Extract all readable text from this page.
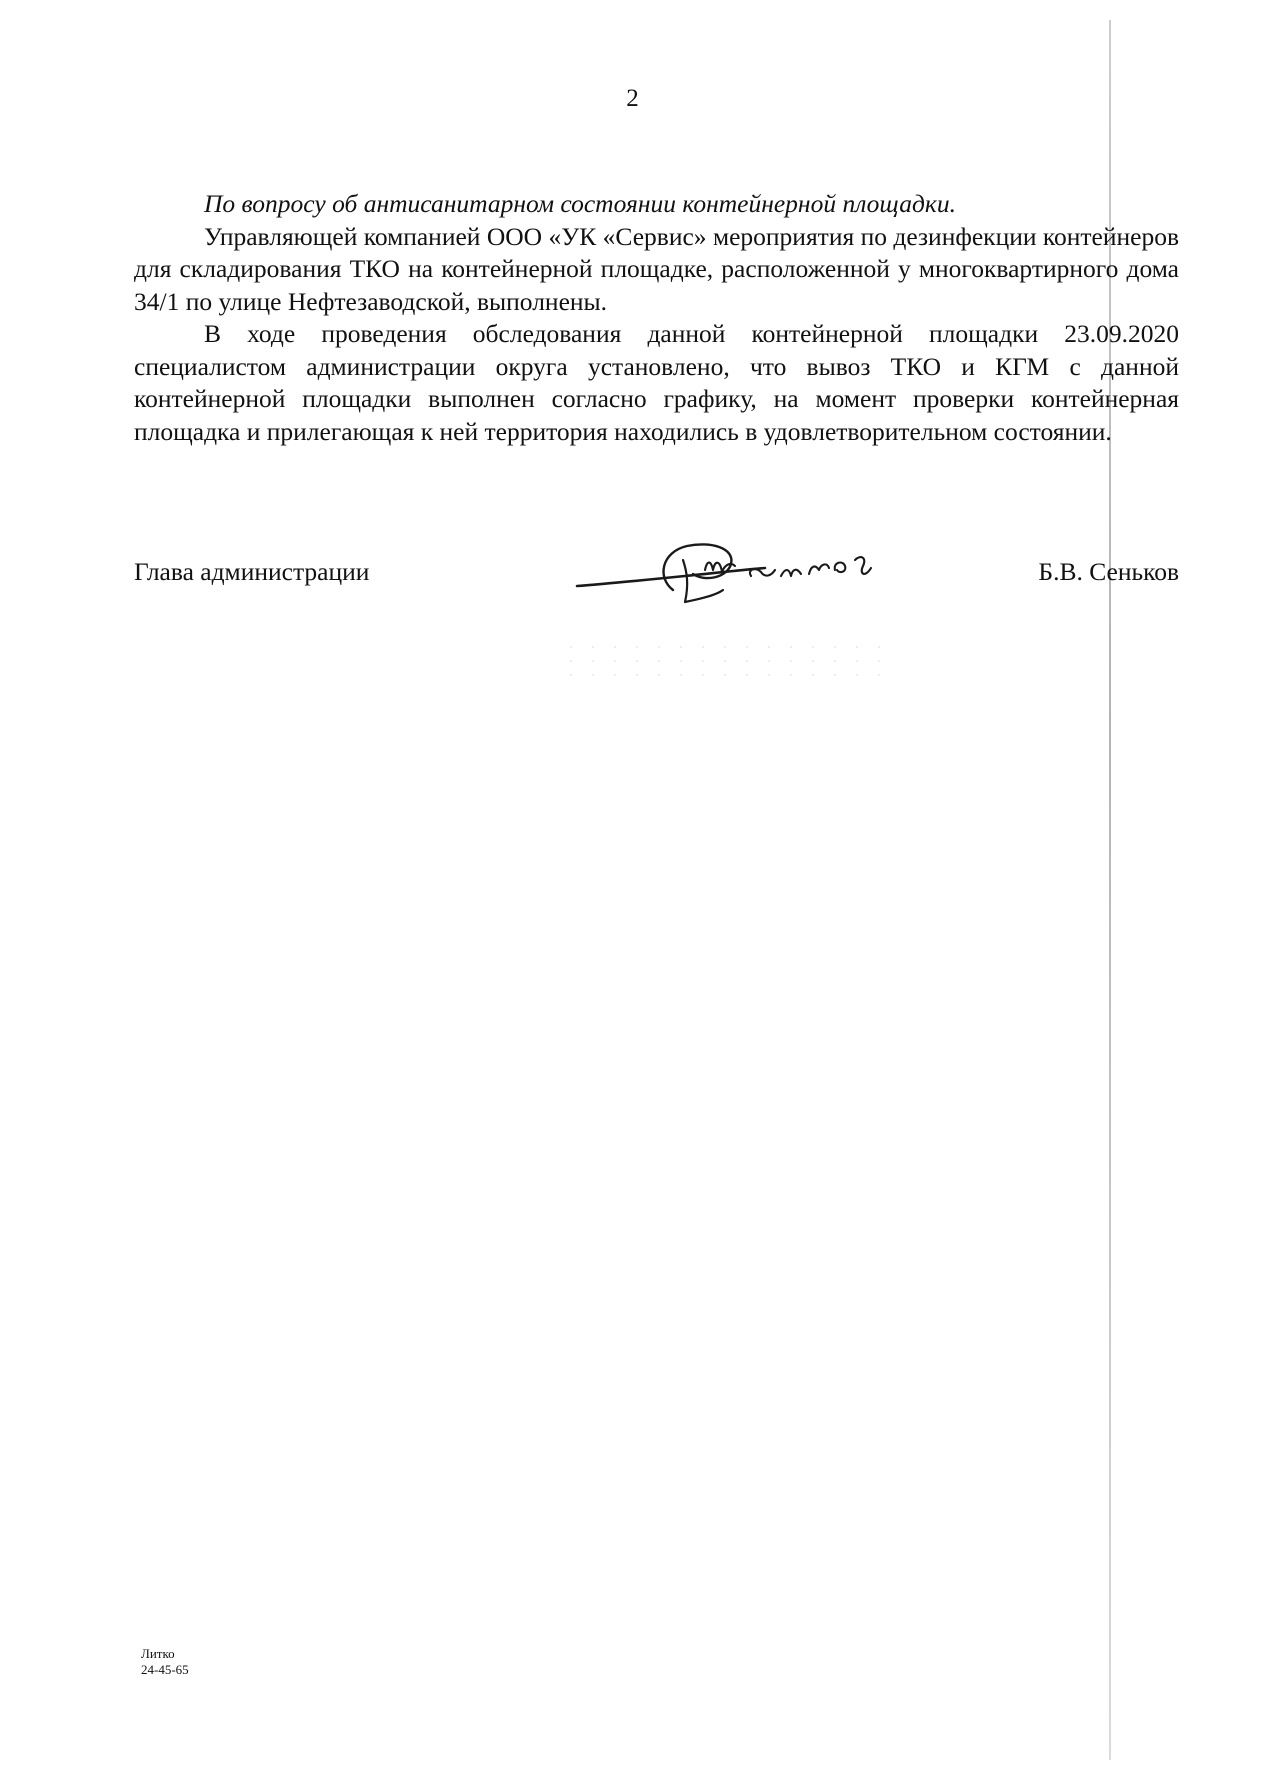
2

По вопросу об антисанитарном состоянии контейнерной площадки.

Управляющей компанией ООО «УК «Сервис» мероприятия по дезинфекции контейнеров для складирования ТКО на контейнерной площадке, расположенной у многоквартирного дома 34/1 по улице Нефтезаводской, выполнены.

В ходе проведения обследования данной контейнерной площадки 23.09.2020 специалистом администрации округа установлено, что вывоз ТКО и КГМ с данной контейнерной площадки выполнен согласно графику, на момент проверки контейнерная площадка и прилегающая к ней территория находились в удовлетворительном состоянии.

Глава администрации	Б.В. Сеньков
Литко
24-45-65
